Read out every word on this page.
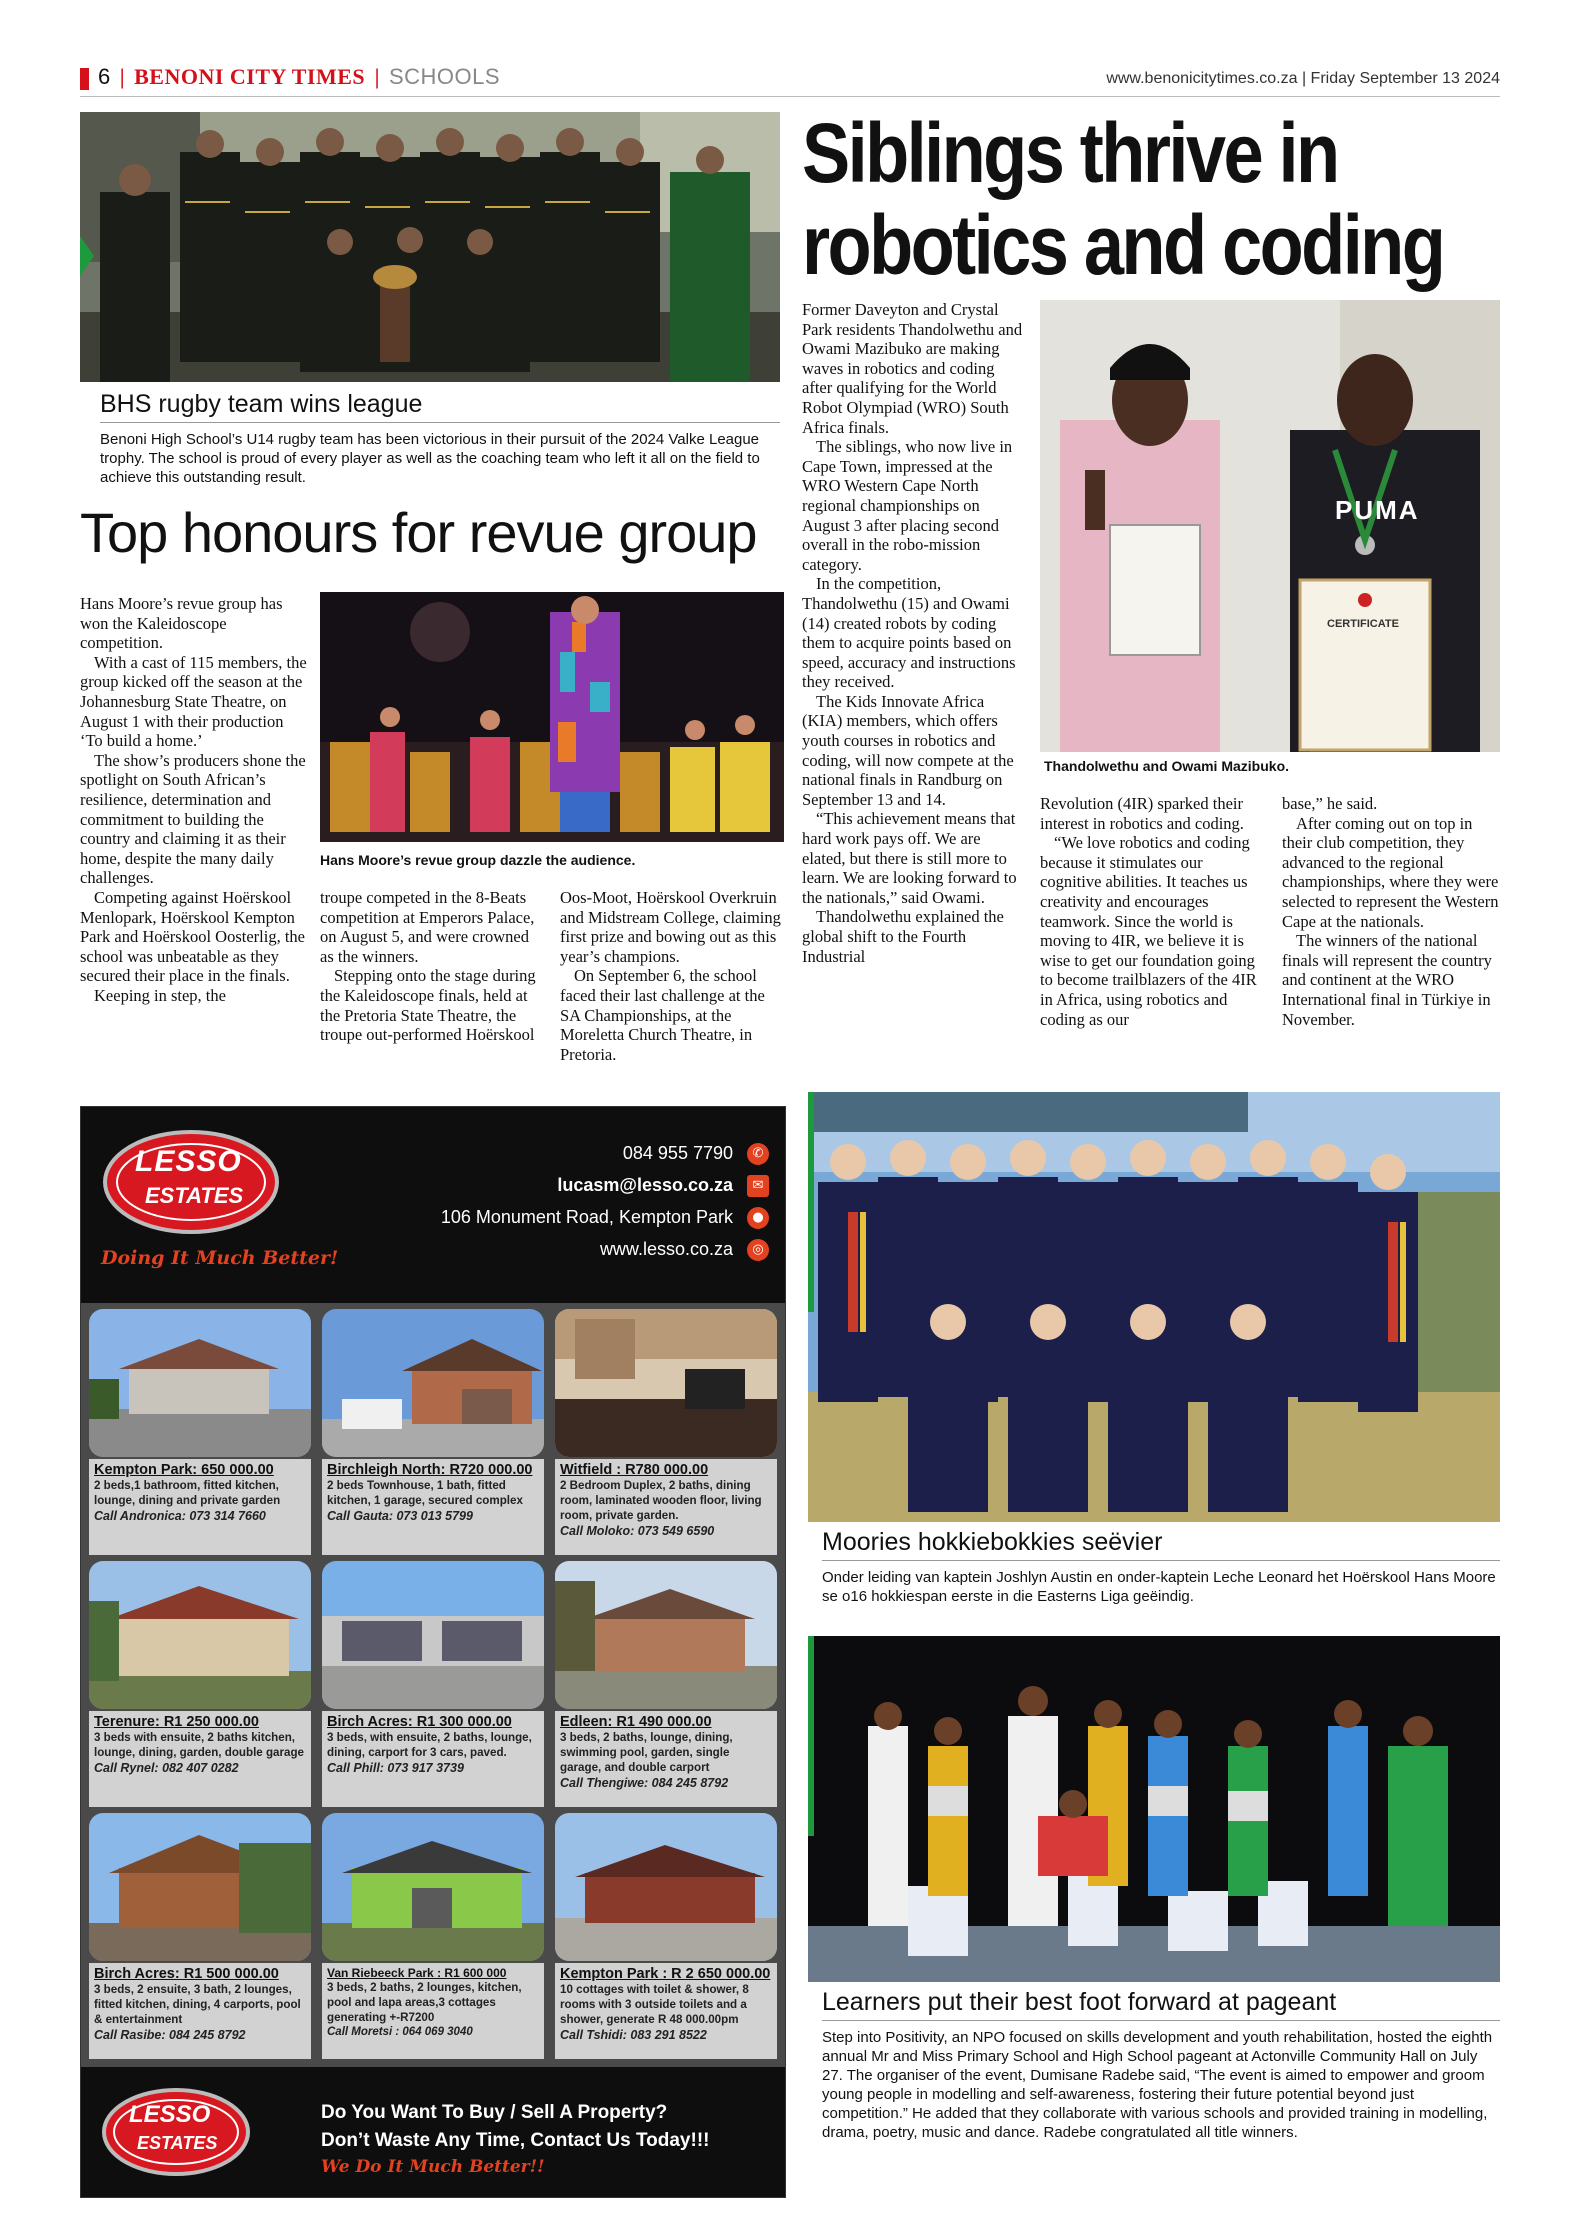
6 | BENONI CITY TIMES | SCHOOLS	www.benonicitytimes.co.za | Friday September 13 2024
BHS rugby team wins league
Benoni High School’s U14 rugby team has been victorious in their pursuit of the 2024 Valke League trophy. The school is proud of every player as well as the coaching team who left it all on the field to achieve this outstanding result.
Top honours for revue group

Hans Moore’s revue group has won the Kaleidoscope competition.

With a cast of 115 members, the group kicked off the season at the Johannesburg State Theatre, on August 1 with their production ‘To build a home.’

The show’s producers shone the spotlight on South African’s resilience, determination and commitment to building the country and claiming it as their home, despite the many daily challenges.

Competing against Hoërskool Menlopark, Hoërskool Kempton Park and Hoërskool Oosterlig, the school was unbeatable as they secured their place in the finals.

Keeping in step, the

Hans Moore’s revue group dazzle the audience.

troupe competed in the 8-Beats competition at Emperors Palace, on August 5, and were crowned as the winners.

Stepping onto the stage during the Kaleidoscope finals, held at the Pretoria State Theatre, the troupe out-performed Hoërskool

Oos-Moot, Hoërskool Overkruin and Midstream College, claiming first prize and bowing out as this year’s champions.

On September 6, the school faced their last challenge at the SA Championships, at the Moreletta Church Theatre, in Pretoria.

Siblings thrive in
robotics and coding

Former Daveyton and Crystal Park residents Thandolwethu and Owami Mazibuko are making waves in robotics and coding after qualifying for the World Robot Olympiad (WRO) South Africa finals.

The siblings, who now live in Cape Town, impressed at the WRO Western Cape North regional championships on August 3 after placing second overall in the robo-mission category.

In the competition, Thandolwethu (15) and Owami (14) created robots by coding them to acquire points based on speed, accuracy and instructions they received.

The Kids Innovate Africa (KIA) members, which offers youth courses in robotics and coding, will now compete at the national finals in Randburg on September 13 and 14.

“This achievement means that hard work pays off. We are elated, but there is still more to learn. We are looking forward to the nationals,” said Owami.

Thandolwethu explained the global shift to the Fourth Industrial

CERTIFICATE
PUMA
Thandolwethu and Owami Mazibuko.

Revolution (4IR) sparked their interest in robotics and coding.

“We love robotics and coding because it stimulates our cognitive abilities. It teaches us creativity and encourages teamwork. Since the world is moving to 4IR, we believe it is wise to get our foundation going to become trailblazers of the 4IR in Africa, using robotics and coding as our

base,” he said.

After coming out on top in their club competition, they advanced to the regional championships, where they were selected to represent the Western Cape at the nationals.

The winners of the national finals will represent the country and continent at the WRO International final in Türkiye in November.

Moories hokkiebokkies seëvier
Onder leiding van kaptein Joshlyn Austin en onder-kaptein Leche Leonard het Hoërskool Hans Moore se o16 hokkiespan eerste in die Easterns Liga geëindig.
Learners put their best foot forward at pageant
Step into Positivity, an NPO focused on skills development and youth rehabilitation, hosted the eighth annual Mr and Miss Primary School and High School pageant at Actonville Community Hall on July 27. The organiser of the event, Dumisane Radebe said, “The event is aimed to empower and groom young people in modelling and self-awareness, fostering their future potential beyond just competition.” He added that they collaborate with various schools and provided training in modelling, drama, poetry, music and dance. Radebe congratulated all title winners.
LESSO
ESTATES
Doing It Much Better!
084 955 7790	✆
lucasm@lesso.co.za	✉
106 Monument Road, Kempton Park	●
www.lesso.co.za	◎
Kempton Park: 650 000.00
2 beds,1 bathroom, fitted kitchen, lounge, dining and private garden
Call Andronica: 073 314 7660
Birchleigh North: R720 000.00
2 beds Townhouse, 1 bath, fitted kitchen, 1 garage, secured complex
Call Gauta: 073 013 5799
Witfield : R780 000.00
2 Bedroom Duplex, 2 baths, dining room, laminated wooden floor, living room, private garden.
Call Moloko: 073 549 6590
Terenure: R1 250 000.00
3 beds with ensuite, 2 baths kitchen, lounge, dining, garden, double garage
Call Rynel: 082 407 0282
Birch Acres: R1 300 000.00
3 beds, with ensuite, 2 baths, lounge, dining, carport for 3 cars, paved.
Call Phill: 073 917 3739
Edleen: R1 490 000.00
3 beds, 2 baths, lounge, dining, swimming pool, garden, single garage, and double carport
Call Thengiwe: 084 245 8792
Birch Acres: R1 500 000.00
3 beds, 2 ensuite, 3 bath, 2 lounges, fitted kitchen, dining, 4 carports, pool & entertainment
Call Rasibe: 084 245 8792
Van Riebeeck Park : R1 600 000
3 beds, 2 baths, 2 lounges, kitchen, pool and lapa areas,3 cottages generating +-R7200
Call Moretsi : 064 069 3040
Kempton Park : R 2 650 000.00
10 cottages with toilet & shower, 8 rooms with 3 outside toilets and a shower, generate R 48 000.00pm
Call Tshidi: 083 291 8522
LESSO
ESTATES
Do You Want To Buy / Sell A Property?
Don’t Waste Any Time, Contact Us Today!!!
We Do It Much Better!!
